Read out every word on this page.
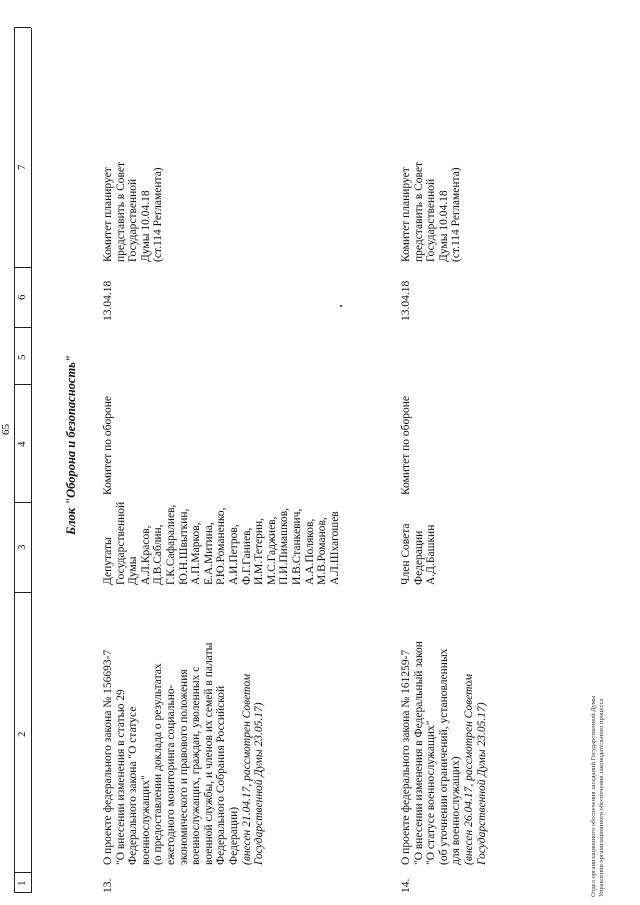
65
1
2
3
4
5
6
7
Блок "Оборона и безопасность"
13.
О проекте федерального закона № 156693-7 "О внесении изменения в статью 29 Федерального закона "О статусе военнослужащих" (о предоставлении доклада о результатах ежегодного мониторинга социально- экономического и правового положения военнослужащих, граждан, уволенных с военной службы, и членов их семей в палаты Федерального Собрания Российской Федерации) (внесен 21.04.17, рассмотрен Советом Государственной Думы 23.05.17)
Депутаты Государственной Думы А.Л.Красов, Д.В.Саблин, Г.К.Сафаралиев, Ю.Н.Швыткин, А.П.Марков, Е.А.Митина, Р.Ю.Романенко, А.И.Петров, Ф.Г.Ганиев, И.М.Тетерин, М.С.Гаджиев, П.И.Пимашков, И.В.Станкевич, А.А.Поляков, М.В.Романов, А.Л.Шхагошев
Комитет по обороне
13.04.18
Комитет планирует представить в Совет Государственной Думы 10.04.18 (ст.114 Регламента)
14.
О проекте федерального закона № 161259-7 "О внесении изменения в Федеральный закон "О статусе военнослужащих" (об уточнении ограничений, установленных для военнослужащих) (внесен 26.04.17, рассмотрен Советом Государственной Думы 23.05.17)
Член Совета Федерации А.Д.Башкин
Комитет по обороне
13.04.18
Комитет планирует представить в Совет Государственной Думы 10.04.18 (ст.114 Регламента)
Отдел организационного обеспечения заседаний Государственной Думы Управления организационного обеспечения законодательного процесса
